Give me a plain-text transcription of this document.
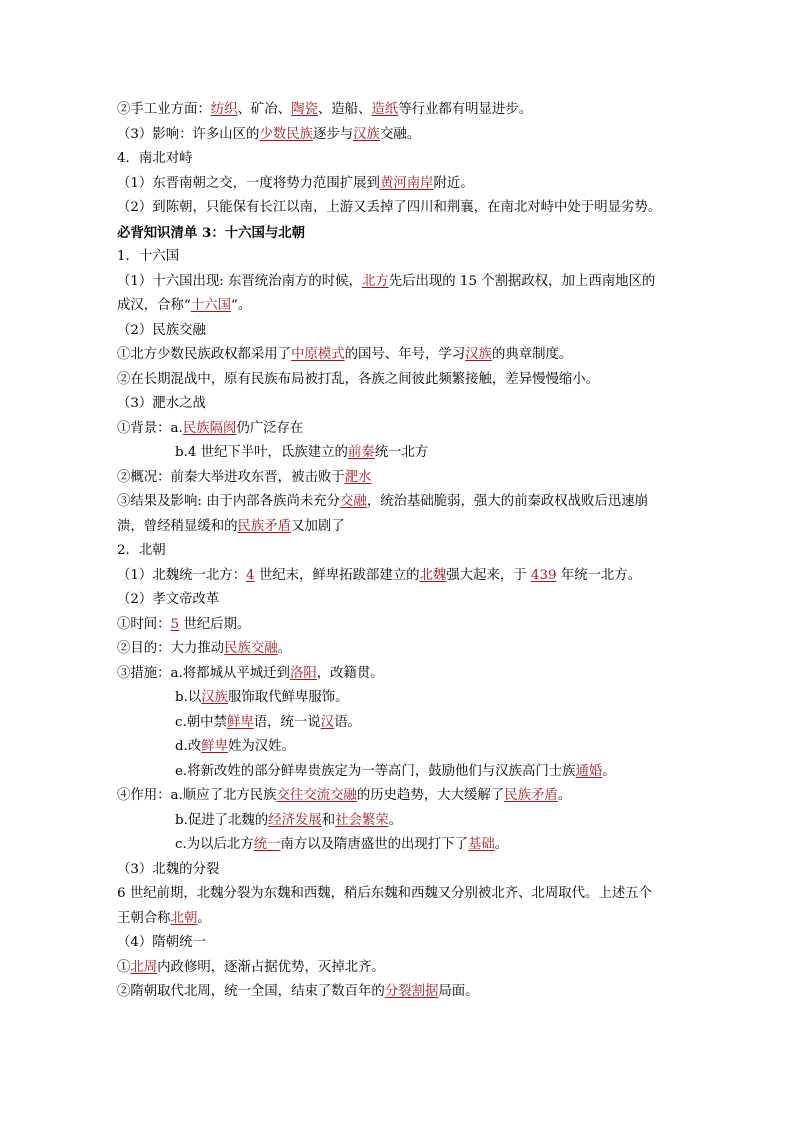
②手工业方面：纺织、矿冶、陶瓷、造船、造纸等行业都有明显进步。
（3）影响：许多山区的少数民族逐步与汉族交融。
4．南北对峙
（1）东晋南朝之交，一度将势力范围扩展到黄河南岸附近。
（2）到陈朝，只能保有长江以南，上游又丢掉了四川和荆襄，在南北对峙中处于明显劣势。
必背知识清单 3：十六国与北朝
1．十六国
（1）十六国出现: 东晋统治南方的时候，北方先后出现的 15 个割据政权，加上西南地区的
成汉，合称“十六国”。
（2）民族交融
①北方少数民族政权都采用了中原模式的国号、年号，学习汉族的典章制度。
②在长期混战中，原有民族布局被打乱，各族之间彼此频繁接触，差异慢慢缩小。
（3）淝水之战
①背景：a.民族隔阂仍广泛存在
b.4 世纪下半叶，氐族建立的前秦统一北方
②概况：前秦大举进攻东晋，被击败于淝水
③结果及影响: 由于内部各族尚未充分交融，统治基础脆弱，强大的前秦政权战败后迅速崩
溃，曾经稍显缓和的民族矛盾又加剧了
2．北朝
（1）北魏统一北方：4 世纪末，鲜卑拓跋部建立的北魏强大起来，于 439 年统一北方。
（2）孝文帝改革
①时间：5 世纪后期。
②目的：大力推动民族交融。
③措施：a.将都城从平城迁到洛阳，改籍贯。
b.以汉族服饰取代鲜卑服饰。
c.朝中禁鲜卑语，统一说汉语。
d.改鲜卑姓为汉姓。
e.将新改姓的部分鲜卑贵族定为一等高门，鼓励他们与汉族高门士族通婚。
④作用：a.顺应了北方民族交往交流交融的历史趋势，大大缓解了民族矛盾。
b.促进了北魏的经济发展和社会繁荣。
c.为以后北方统一南方以及隋唐盛世的出现打下了基础。
（3）北魏的分裂
6 世纪前期，北魏分裂为东魏和西魏，稍后东魏和西魏又分别被北齐、北周取代。上述五个
王朝合称北朝。
（4）隋朝统一
①北周内政修明，逐渐占据优势，灭掉北齐。
②隋朝取代北周，统一全国，结束了数百年的分裂割据局面。
